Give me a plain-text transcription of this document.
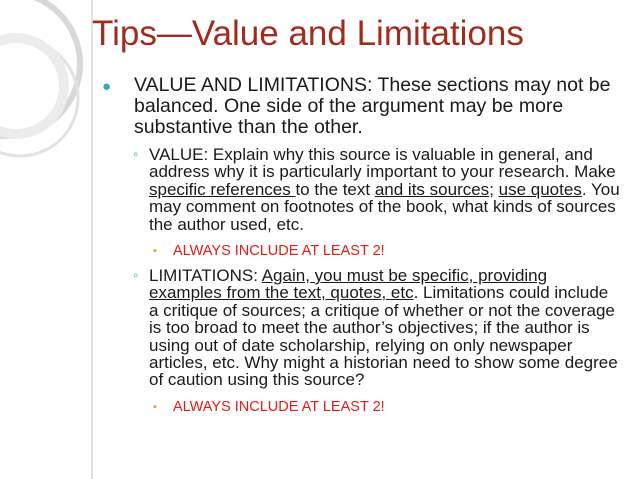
Tips—Value and Limitations
● VALUE AND LIMITATIONS: These sections may not be balanced. One side of the argument may be more substantive than the other.
◦ VALUE: Explain why this source is valuable in general, and address why it is particularly important to your research. Make specific references to the text and its sources; use quotes. You may comment on footnotes of the book, what kinds of sources the author used, etc.
▪ ALWAYS INCLUDE AT LEAST 2!
◦ LIMITATIONS: Again, you must be specific, providing examples from the text, quotes, etc. Limitations could include a critique of sources; a critique of whether or not the coverage is too broad to meet the author’s objectives; if the author is using out of date scholarship, relying on only newspaper articles, etc. Why might a historian need to show some degree of caution using this source?
▪ ALWAYS INCLUDE AT LEAST 2!
